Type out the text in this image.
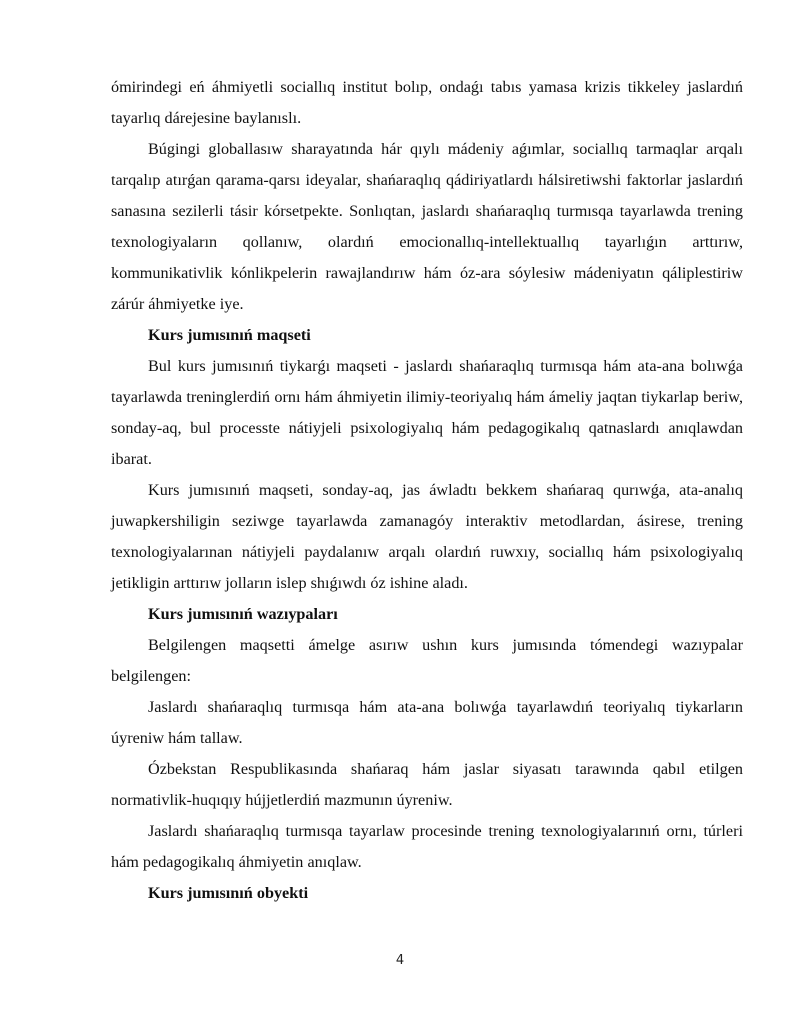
ómirindegi eń áhmiyetli sociallıq institut bolıp, ondaǵı tabıs yamasa krizis tikkeley jaslardıń tayarlıq dárejesine baylanıslı.

Búgingi globallasıw sharayatında hár qıylı mádeniy aǵımlar, sociallıq tarmaqlar arqalı tarqalıp atırǵan qarama-qarsı ideyalar, shańaraqlıq qádiriyatlardı hálsiretiwshi faktorlar jaslardıń sanasına sezilerli tásir kórsetpekte. Sonlıqtan, jaslardı shańaraqlıq turmısqa tayarlawda trening texnologiyaların qollanıw, olardıń emocionallıq-intellektuallıq tayarlıǵın arttırıw, kommunikativlik kónlikpelerin rawajlandırıw hám óz-ara sóylesiw mádeniyatın qáliplestiriw zárúr áhmiyetke iye.

Kurs jumısınıń maqseti

Bul kurs jumısınıń tiykarǵı maqseti - jaslardı shańaraqlıq turmısqa hám ata-ana bolıwǵa tayarlawda treninglerdiń ornı hám áhmiyetin ilimiy-teoriyalıq hám ámeliy jaqtan tiykarlap beriw, sonday-aq, bul processte nátiyjeli psixologiyalıq hám pedagogikalıq qatnaslardı anıqlawdan ibarat.

Kurs jumısınıń maqseti, sonday-aq, jas áwladtı bekkem shańaraq qurıwǵa, ata-analıq juwapkershiligin seziwge tayarlawda zamanagóy interaktiv metodlardan, ásirese, trening texnologiyalarınan nátiyjeli paydalanıw arqalı olardıń ruwxıy, sociallıq hám psixologiyalıq jetikligin arttırıw jolların islep shıǵıwdı óz ishine aladı.

Kurs jumısınıń wazıypaları

Belgilengen maqsetti ámelge asırıw ushın kurs jumısında tómendegi wazıypalar belgilengen:

Jaslardı shańaraqlıq turmısqa hám ata-ana bolıwǵa tayarlawdıń teoriyalıq tiykarların úyreniw hám tallaw.

Ózbekstan Respublikasında shańaraq hám jaslar siyasatı tarawında qabıl etilgen normativlik-huqıqıy hújjetlerdiń mazmunın úyreniw.

Jaslardı shańaraqlıq turmısqa tayarlaw procesinde trening texnologiyalarınıń ornı, túrleri hám pedagogikalıq áhmiyetin anıqlaw.

Kurs jumısınıń obyekti

4
